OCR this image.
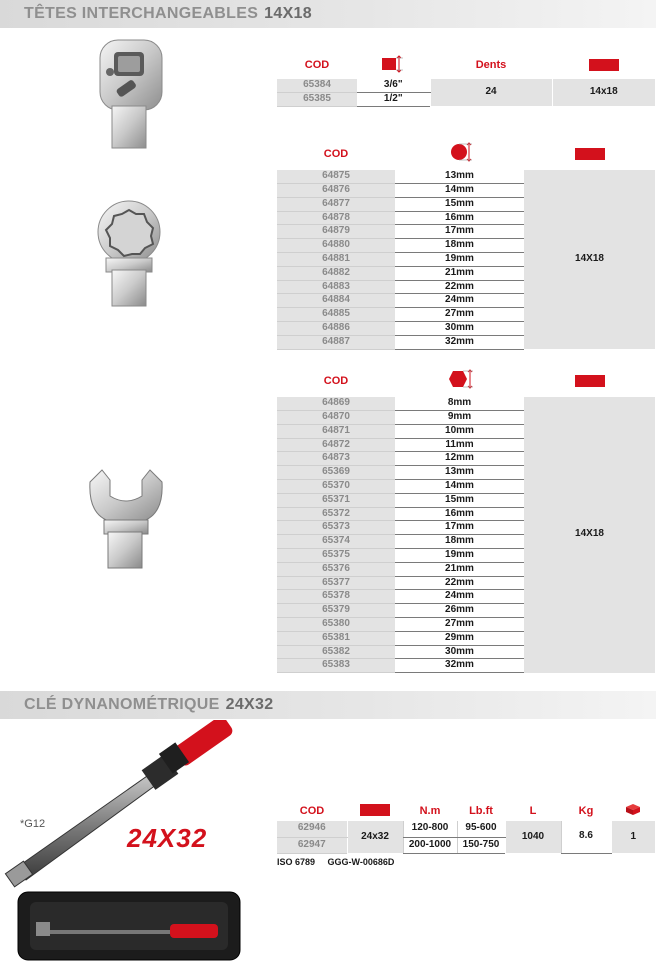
TÊTES INTERCHANGEABLES 14X18
COD		Dents	
65384	3/6"	24	14x18
65385	1/2"		
COD		
64875	13mm	14X18
64876	14mm	
64877	15mm	
64878	16mm	
64879	17mm	
64880	18mm	
64881	19mm	
64882	21mm	
64883	22mm	
64884	24mm	
64885	27mm	
64886	30mm	
64887	32mm	
COD		
64869	8mm	14X18
64870	9mm	
64871	10mm	
64872	11mm	
64873	12mm	
65369	13mm	
65370	14mm	
65371	15mm	
65372	16mm	
65373	17mm	
65374	18mm	
65375	19mm	
65376	21mm	
65377	22mm	
65378	24mm	
65379	26mm	
65380	27mm	
65381	29mm	
65382	30mm	
65383	32mm	
CLÉ DYNANOMÉTRIQUE 24X32
*G12	24X32
COD		N.m	Lb.ft	L	Kg	
62946	24x32	120-800	95-600	1040	8.6	1
62947		200-1000	150-750			
ISO 6789     GGG-W-00686D
